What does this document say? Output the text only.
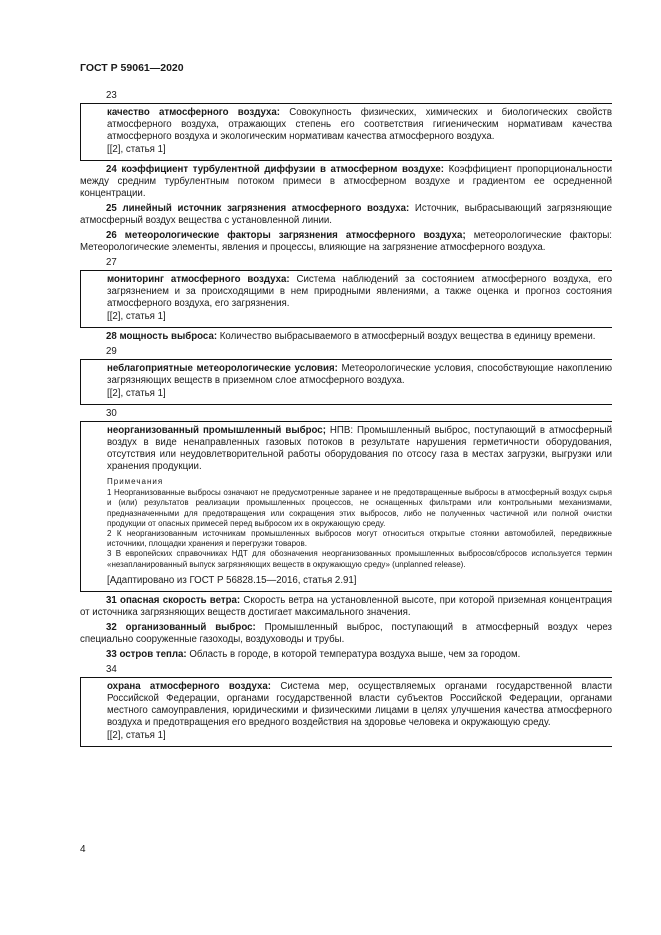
ГОСТ Р 59061—2020

23

качество атмосферного воздуха: Совокупность физических, химических и биологических свойств атмосферного воздуха, отражающих степень его соответствия гигиеническим нормативам качества атмосферного воздуха и экологическим нормативам качества атмосферного воздуха.

[[2], статья 1]

24 коэффициент турбулентной диффузии в атмосферном воздухе: Коэффициент пропорциональности между средним турбулентным потоком примеси в атмосферном воздухе и градиентом ее осредненной концентрации.

25 линейный источник загрязнения атмосферного воздуха: Источник, выбрасывающий загрязняющие атмосферный воздух вещества с установленной линии.

26 метеорологические факторы загрязнения атмосферного воздуха; метеорологические факторы: Метеорологические элементы, явления и процессы, влияющие на загрязнение атмосферного воздуха.

27

мониторинг атмосферного воздуха: Система наблюдений за состоянием атмосферного воздуха, его загрязнением и за происходящими в нем природными явлениями, а также оценка и прогноз состояния атмосферного воздуха, его загрязнения.

[[2], статья 1]

28 мощность выброса: Количество выбрасываемого в атмосферный воздух вещества в единицу времени.

29

неблагоприятные метеорологические условия: Метеорологические условия, способствующие накоплению загрязняющих веществ в приземном слое атмосферного воздуха.

[[2], статья 1]

30

неорганизованный промышленный выброс; НПВ: Промышленный выброс, поступающий в атмосферный воздух в виде ненаправленных газовых потоков в результате нарушения герметичности оборудования, отсутствия или неудовлетворительной работы оборудования по отсосу газа в местах загрузки, выгрузки или хранения продукции.

Примечания

1 Неорганизованные выбросы означают не предусмотренные заранее и не предотвращенные выбросы в атмосферный воздух сырья и (или) результатов реализации промышленных процессов, не оснащенных фильтрами или контрольными механизмами, предназначенными для предотвращения или сокращения этих выбросов, либо не полученных частичной или полной очистки продукции от опасных примесей перед выбросом их в окружающую среду.

2 К неорганизованным источникам промышленных выбросов могут относиться открытые стоянки автомобилей, передвижные источники, площадки хранения и перегрузки товаров.

3 В европейских справочниках НДТ для обозначения неорганизованных промышленных выбросов/сбросов используется термин «незапланированный выпуск загрязняющих веществ в окружающую среду» (unplanned release).

[Адаптировано из ГОСТ Р 56828.15—2016, статья 2.91]

31 опасная скорость ветра: Скорость ветра на установленной высоте, при которой приземная концентрация от источника загрязняющих веществ достигает максимального значения.

32 организованный выброс: Промышленный выброс, поступающий в атмосферный воздух через специально сооруженные газоходы, воздуховоды и трубы.

33 остров тепла: Область в городе, в которой температура воздуха выше, чем за городом.

34

охрана атмосферного воздуха: Система мер, осуществляемых органами государственной власти Российской Федерации, органами государственной власти субъектов Российской Федерации, органами местного самоуправления, юридическими и физическими лицами в целях улучшения качества атмосферного воздуха и предотвращения его вредного воздействия на здоровье человека и окружающую среду.

[[2], статья 1]

4
